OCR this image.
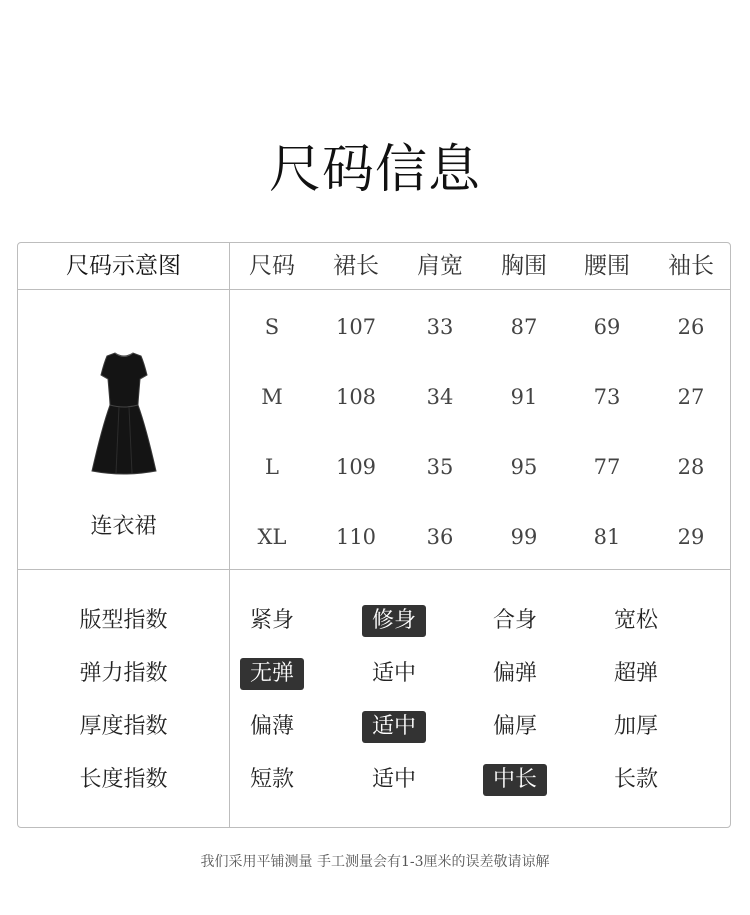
尺码信息
尺码示意图	尺码	裙长	肩宽	胸围	腰围	袖长
S	107	33	87	69	26
M	108	34	91	73	27
L	109	35	95	77	28
XL	110	36	99	81	29
连衣裙
版型指数	紧身	修身	合身	宽松
弹力指数	无弹	适中	偏弹	超弹
厚度指数	偏薄	适中	偏厚	加厚
长度指数	短款	适中	中长	长款
我们采用平铺测量 手工测量会有1-3厘米的误差敬请谅解
